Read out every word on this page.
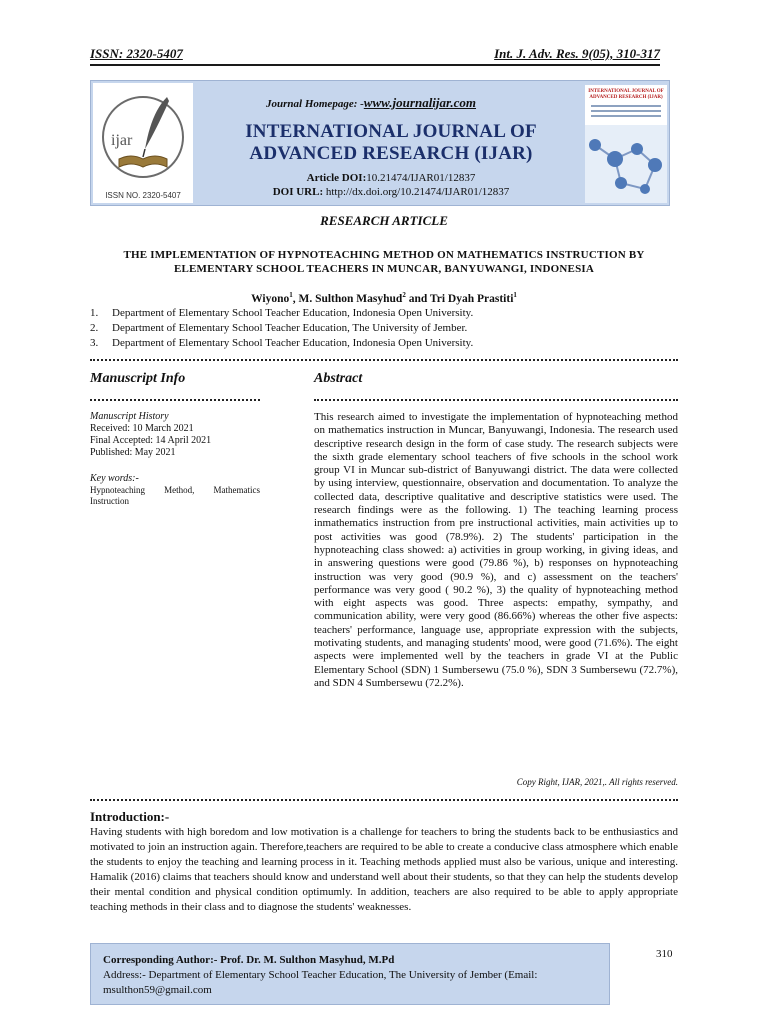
ISSN: 2320-5407	Int. J. Adv. Res. 9(05), 310-317
ijar
ISSN NO. 2320-5407
Journal Homepage: -www.journalijar.com
INTERNATIONAL JOURNAL OF
ADVANCED RESEARCH (IJAR)
Article DOI:10.21474/IJAR01/12837
DOI URL: http://dx.doi.org/10.21474/IJAR01/12837
INTERNATIONAL JOURNAL OF ADVANCED RESEARCH (IJAR)
RESEARCH ARTICLE
THE IMPLEMENTATION OF HYPNOTEACHING METHOD ON MATHEMATICS INSTRUCTION BY
ELEMENTARY SCHOOL TEACHERS IN MUNCAR, BANYUWANGI, INDONESIA
Wiyono$^1$, M. Sulthon Masyhud$^2$ and Tri Dyah Prastiti$^1$
1. Department of Elementary School Teacher Education, Indonesia Open University.
2. Department of Elementary School Teacher Education, The University of Jember.
3. Department of Elementary School Teacher Education, Indonesia Open University.
Manuscript Info
Manuscript History
Received: 10 March 2021
Final Accepted: 14 April 2021
Published: May 2021
Key words:-
Hypnoteaching Method, Mathematics Instruction
Abstract
This research aimed to investigate the implementation of hypnoteaching method on mathematics instruction in Muncar, Banyuwangi, Indonesia. The research used descriptive research design in the form of case study. The research subjects were the sixth grade elementary school teachers of five schools in the school work group VI in Muncar sub-district of Banyuwangi district. The data were collected by using interview, questionnaire, observation and documentation. To analyze the collected data, descriptive qualitative and descriptive statistics were used. The research findings were as the following. 1) The teaching learning process inmathematics instruction from pre instructional activities, main activities up to post activities was good (78.9%). 2) The students' participation in the hypnoteaching class showed: a) activities in group working, in giving ideas, and in answering questions were good (79.86 %), b) responses on hypnoteaching instruction was very good (90.9 %), and c) assessment on the teachers' performance was very good ( 90.2 %), 3) the quality of hypnoteaching method with eight aspects was good. Three aspects: empathy, sympathy, and communication ability, were very good (86.66%) whereas the other five aspects: teachers' performance, language use, appropriate expression with the subjects, motivating students, and managing students' mood, were good (71.6%). The eight aspects were implemented well by the teachers in grade VI at the Public Elementary School (SDN) 1 Sumbersewu (75.0 %), SDN 3 Sumbersewu (72.7%), and SDN 4 Sumbersewu (72.2%).
Copy Right, IJAR, 2021,. All rights reserved.
Introduction:-
Having students with high boredom and low motivation is a challenge for teachers to bring the students back to be enthusiastics and motivated to join an instruction again. Therefore,teachers are required to be able to create a conducive class atmosphere which enable the students to enjoy the teaching and learning process in it. Teaching methods applied must also be various, unique and interesting. Hamalik (2016) claims that teachers should know and understand well about their students, so that they can help the students develop their mental condition and physical condition optimumly. In addition, teachers are also required to be able to apply appropriate teaching methods in their class and to diagnose the students' weaknesses.
Corresponding Author:- Prof. Dr. M. Sulthon Masyhud, M.Pd
Address:- Department of Elementary School Teacher Education, The University of Jember (Email: msulthon59@gmail.com
310
